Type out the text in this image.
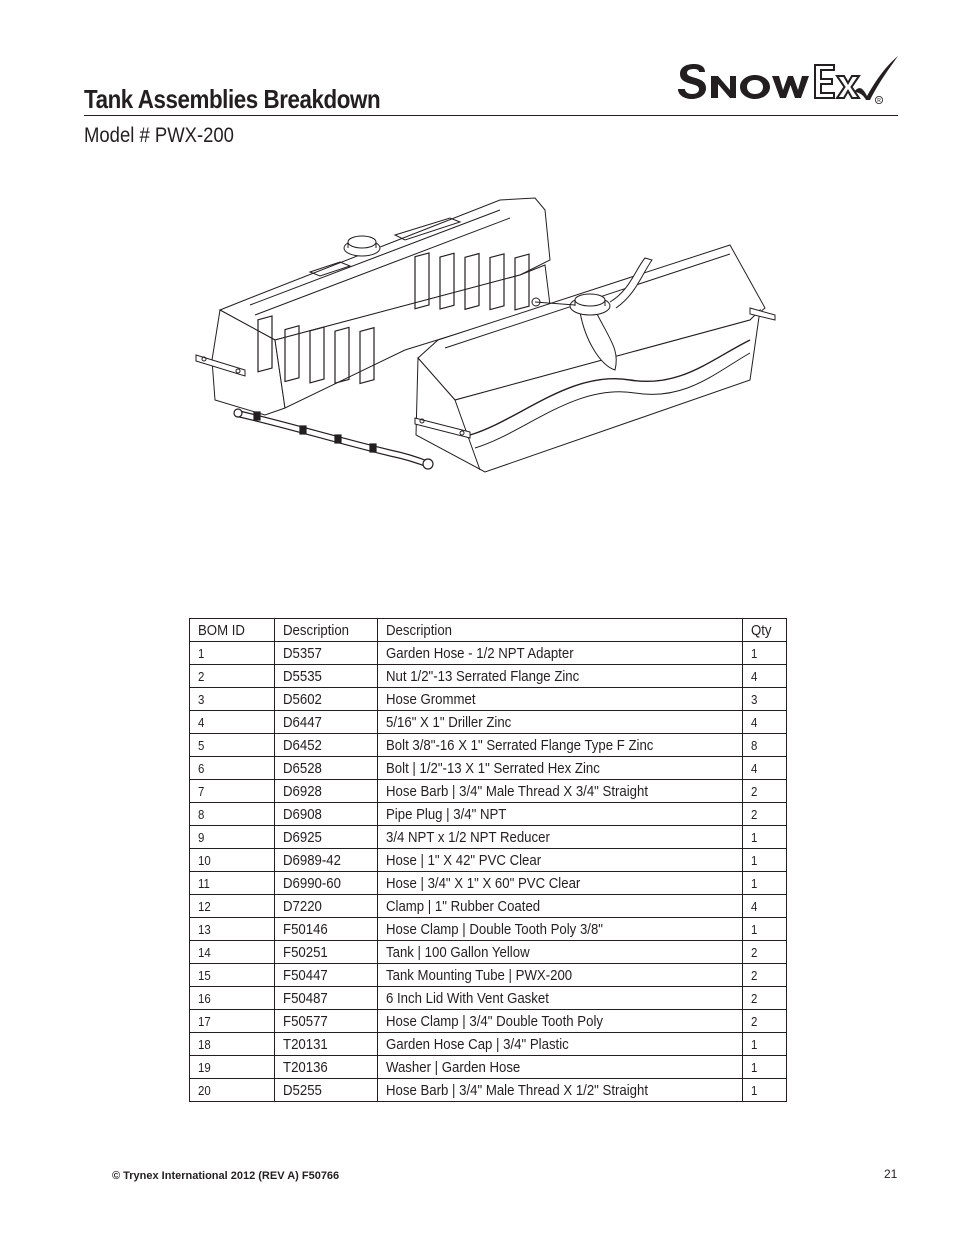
Tank Assemblies Breakdown
Model # PWX-200
R
BOM ID	Description	Description	Qty
1	D5357	Garden Hose - 1/2 NPT Adapter	1
2	D5535	Nut 1/2"-13 Serrated Flange Zinc	4
3	D5602	Hose Grommet	3
4	D6447	5/16" X 1" Driller Zinc	4
5	D6452	Bolt 3/8"-16 X 1" Serrated Flange Type F Zinc	8
6	D6528	Bolt | 1/2"-13 X 1" Serrated Hex Zinc	4
7	D6928	Hose Barb | 3/4" Male Thread X 3/4" Straight	2
8	D6908	Pipe Plug | 3/4" NPT	2
9	D6925	3/4 NPT x 1/2 NPT Reducer	1
10	D6989-42	Hose | 1" X 42" PVC Clear	1
11	D6990-60	Hose | 3/4" X 1" X 60" PVC Clear	1
12	D7220	Clamp | 1" Rubber Coated	4
13	F50146	Hose Clamp | Double Tooth Poly 3/8"	1
14	F50251	Tank | 100 Gallon Yellow	2
15	F50447	Tank Mounting Tube | PWX-200	2
16	F50487	6 Inch Lid With Vent Gasket	2
17	F50577	Hose Clamp | 3/4" Double Tooth Poly	2
18	T20131	Garden Hose Cap | 3/4" Plastic	1
19	T20136	Washer | Garden Hose	1
20	D5255	Hose Barb | 3/4" Male Thread X 1/2" Straight	1
© Trynex International 2012 (REV A) F50766	21
